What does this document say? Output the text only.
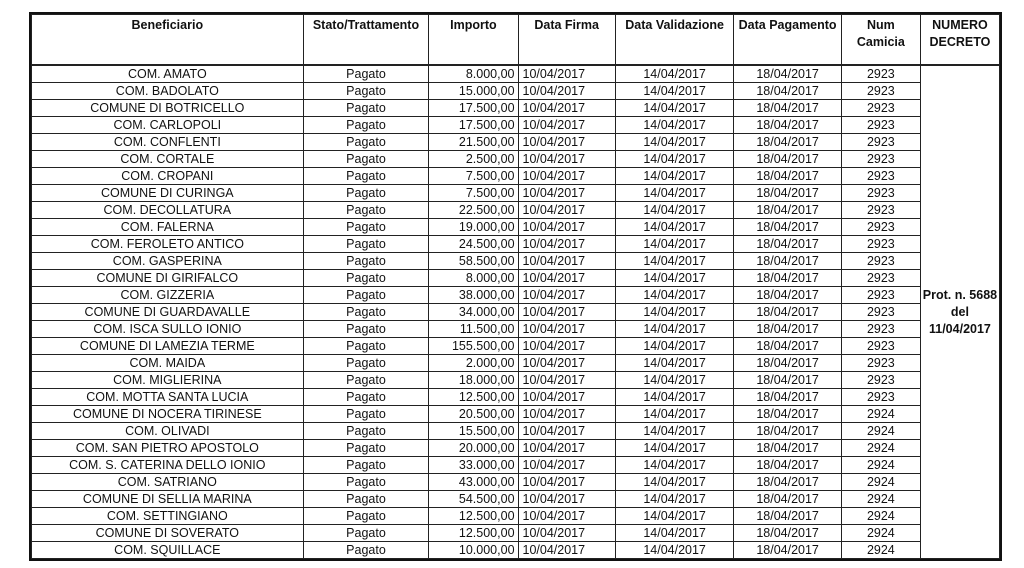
Beneficiario	Stato/Trattamento	Importo	Data Firma	Data Validazione	Data Pagamento	Num Camicia	NUMERO DECRETO
COM. AMATO	Pagato	8.000,00	10/04/2017	14/04/2017	18/04/2017	2923	Prot. n. 5688 del 11/04/2017
COM. BADOLATO	Pagato	15.000,00	10/04/2017	14/04/2017	18/04/2017	2923	
COMUNE DI BOTRICELLO	Pagato	17.500,00	10/04/2017	14/04/2017	18/04/2017	2923	
COM. CARLOPOLI	Pagato	17.500,00	10/04/2017	14/04/2017	18/04/2017	2923	
COM. CONFLENTI	Pagato	21.500,00	10/04/2017	14/04/2017	18/04/2017	2923	
COM. CORTALE	Pagato	2.500,00	10/04/2017	14/04/2017	18/04/2017	2923	
COM. CROPANI	Pagato	7.500,00	10/04/2017	14/04/2017	18/04/2017	2923	
COMUNE DI CURINGA	Pagato	7.500,00	10/04/2017	14/04/2017	18/04/2017	2923	
COM. DECOLLATURA	Pagato	22.500,00	10/04/2017	14/04/2017	18/04/2017	2923	
COM. FALERNA	Pagato	19.000,00	10/04/2017	14/04/2017	18/04/2017	2923	
COM. FEROLETO ANTICO	Pagato	24.500,00	10/04/2017	14/04/2017	18/04/2017	2923	
COM. GASPERINA	Pagato	58.500,00	10/04/2017	14/04/2017	18/04/2017	2923	
COMUNE DI GIRIFALCO	Pagato	8.000,00	10/04/2017	14/04/2017	18/04/2017	2923	
COM. GIZZERIA	Pagato	38.000,00	10/04/2017	14/04/2017	18/04/2017	2923	
COMUNE DI GUARDAVALLE	Pagato	34.000,00	10/04/2017	14/04/2017	18/04/2017	2923	
COM. ISCA SULLO IONIO	Pagato	11.500,00	10/04/2017	14/04/2017	18/04/2017	2923	
COMUNE DI LAMEZIA TERME	Pagato	155.500,00	10/04/2017	14/04/2017	18/04/2017	2923	
COM. MAIDA	Pagato	2.000,00	10/04/2017	14/04/2017	18/04/2017	2923	
COM. MIGLIERINA	Pagato	18.000,00	10/04/2017	14/04/2017	18/04/2017	2923	
COM. MOTTA SANTA LUCIA	Pagato	12.500,00	10/04/2017	14/04/2017	18/04/2017	2923	
COMUNE DI NOCERA TIRINESE	Pagato	20.500,00	10/04/2017	14/04/2017	18/04/2017	2924	
COM. OLIVADI	Pagato	15.500,00	10/04/2017	14/04/2017	18/04/2017	2924	
COM. SAN PIETRO APOSTOLO	Pagato	20.000,00	10/04/2017	14/04/2017	18/04/2017	2924	
COM. S. CATERINA DELLO IONIO	Pagato	33.000,00	10/04/2017	14/04/2017	18/04/2017	2924	
COM. SATRIANO	Pagato	43.000,00	10/04/2017	14/04/2017	18/04/2017	2924	
COMUNE DI SELLIA MARINA	Pagato	54.500,00	10/04/2017	14/04/2017	18/04/2017	2924	
COM. SETTINGIANO	Pagato	12.500,00	10/04/2017	14/04/2017	18/04/2017	2924	
COMUNE DI SOVERATO	Pagato	12.500,00	10/04/2017	14/04/2017	18/04/2017	2924	
COM. SQUILLACE	Pagato	10.000,00	10/04/2017	14/04/2017	18/04/2017	2924	
